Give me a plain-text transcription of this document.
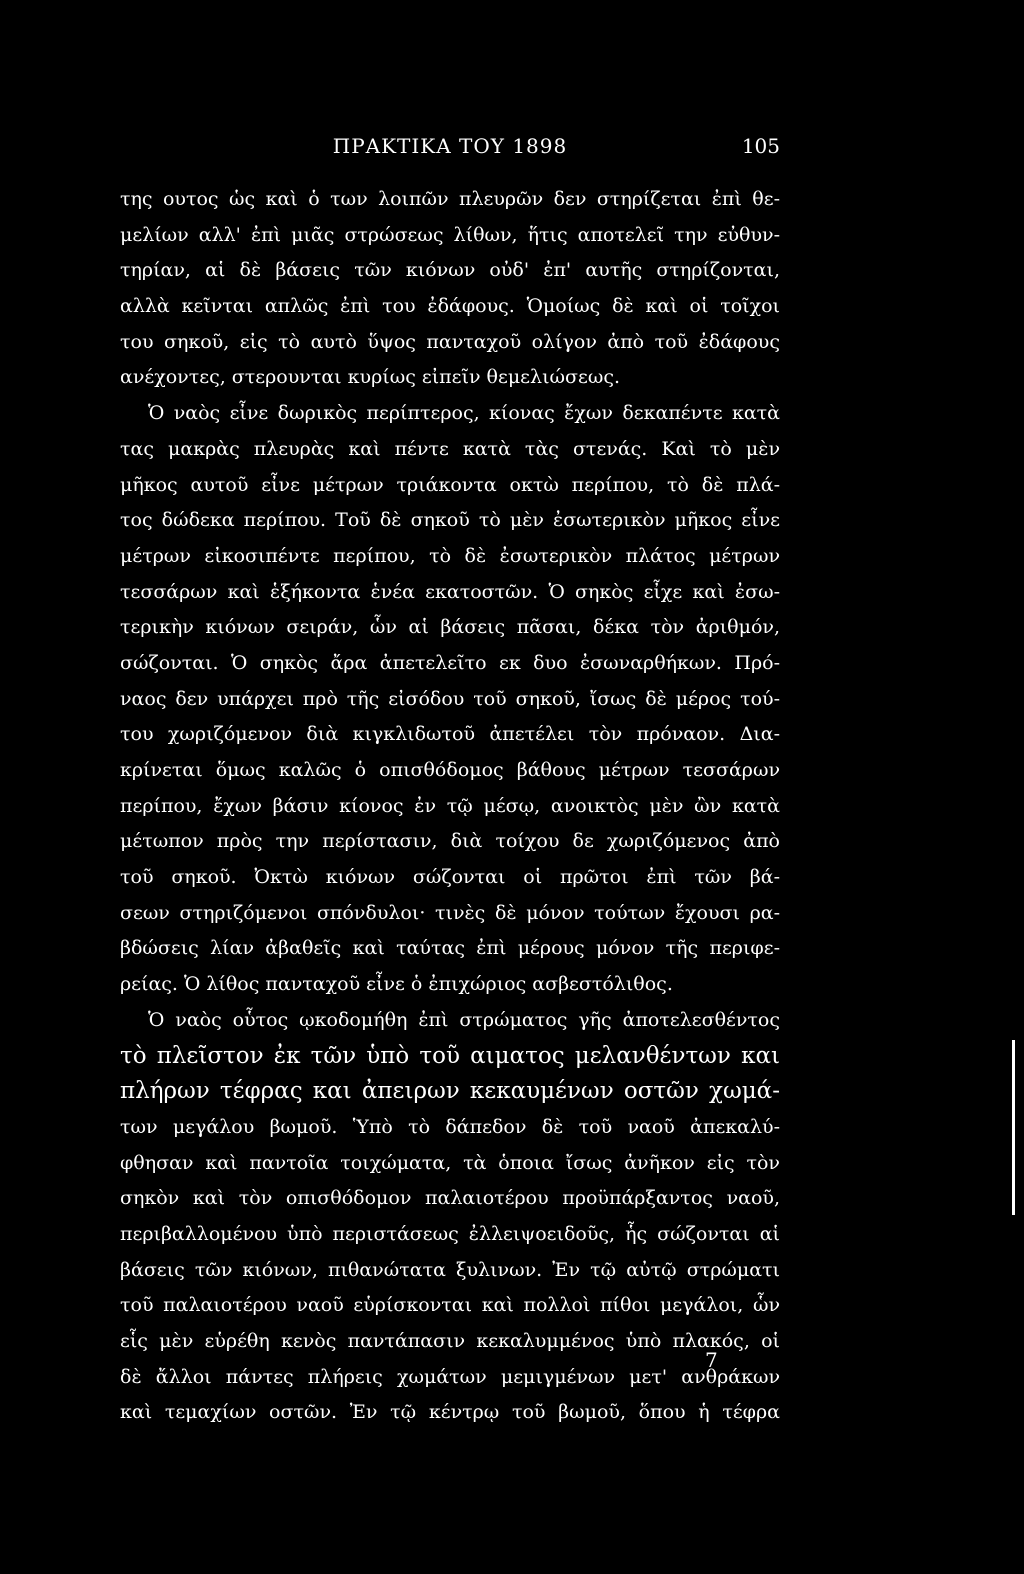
ΠΡΑΚΤΙΚΑ ΤΟΥ 1898	105
της ουτος ὡς καὶ ὁ των λοιπῶν πλευρῶν δεν στηρίζεται ἐπὶ θε-
μελίων αλλ' ἐπὶ μιᾶς στρώσεως λίθων, ἥτις αποτελεῖ την εὐθυν-
τηρίαν, αἱ δὲ βάσεις τῶν κιόνων οὐδ' ἐπ' αυτῆς στηρίζονται,
αλλὰ κεῖνται απλῶς ἐπὶ του ἐδάφους. Ὁμοίως δὲ καὶ οἱ τοῖχοι
του σηκοῦ, εἰς τὸ αυτὸ ὕψος πανταχοῦ ολίγον ἀπὸ τοῦ ἐδάφους
ανέχοντες, στερουνται κυρίως εἰπεῖν θεμελιώσεως.
Ὁ ναὸς εἶνε δωρικὸς περίπτερος, κίονας ἔχων δεκαπέντε κατὰ
τας μακρὰς πλευρὰς καὶ πέντε κατὰ τὰς στενάς. Καὶ τὸ μὲν
μῆκος αυτοῦ εἶνε μέτρων τριάκοντα οκτὼ περίπου, τὸ δὲ πλά-
τος δώδεκα περίπου. Τοῦ δὲ σηκοῦ τὸ μὲν ἐσωτερικὸν μῆκος εἶνε
μέτρων εἰκοσιπέντε περίπου, τὸ δὲ ἐσωτερικὸν πλάτος μέτρων
τεσσάρων καὶ ἑξήκοντα ἑνέα εκατοστῶν. Ὁ σηκὸς εἶχε καὶ ἐσω-
τερικὴν κιόνων σειράν, ὧν αἱ βάσεις πᾶσαι, δέκα τὸν ἀριθμόν,
σώζονται. Ὁ σηκὸς ἄρα ἀπετελεῖτο εκ δυο ἐσωναρθήκων. Πρό-
ναος δεν υπάρχει πρὸ τῆς εἰσόδου τοῦ σηκοῦ, ἴσως δὲ μέρος τού-
του χωριζόμενον διὰ κιγκλιδωτοῦ ἀπετέλει τὸν πρόναον. Δια-
κρίνεται ὅμως καλῶς ὁ οπισθόδομος βάθους μέτρων τεσσάρων
περίπου, ἔχων βάσιν κίονος ἐν τῷ μέσῳ, ανοικτὸς μὲν ὢν κατὰ
μέτωπον πρὸς την περίστασιν, διὰ τοίχου δε χωριζόμενος ἀπὸ
τοῦ σηκοῦ. Ὀκτὼ κιόνων σώζονται οἱ πρῶτοι ἐπὶ τῶν βά-
σεων στηριζόμενοι σπόνδυλοι· τινὲς δὲ μόνον τούτων ἔχουσι ρα-
βδώσεις λίαν ἀβαθεῖς καὶ ταύτας ἐπὶ μέρους μόνον τῆς περιφε-
ρείας. Ὁ λίθος πανταχοῦ εἶνε ὁ ἐπιχώριος ασβεστόλιθος.
Ὁ ναὸς οὗτος ῳκοδομήθη ἐπὶ στρώματος γῆς ἀποτελεσθέντος
τὸ πλεῖστον ἐκ τῶν ὑπὸ τοῦ αιματος μελανθέντων και
πλήρων τέφρας και ἀπειρων κεκαυμένων οστῶν χωμά-
των μεγάλου βωμοῦ. Ὑπὸ τὸ δάπεδον δὲ τοῦ ναοῦ ἀπεκαλύ-
φθησαν καὶ παντοῖα τοιχώματα, τὰ ὁποια ἴσως ἀνῆκον εἰς τὸν
σηκὸν καὶ τὸν οπισθόδομον παλαιοτέρου προϋπάρξαντος ναοῦ,
περιβαλλομένου ὑπὸ περιστάσεως ἐλλειψοειδοῦς, ἧς σώζονται αἱ
βάσεις τῶν κιόνων, πιθανώτατα ξυλινων. Ἐν τῷ αὐτῷ στρώματι
τοῦ παλαιοτέρου ναοῦ εὑρίσκονται καὶ πολλοὶ πίθοι μεγάλοι, ὧν
εἷς μὲν εὑρέθη κενὸς παντάπασιν κεκαλυμμένος ὑπὸ πλακός, οἱ
δὲ ἄλλοι πάντες πλήρεις χωμάτων μεμιγμένων μετ' ανθράκων
καὶ τεμαχίων οστῶν. Ἐν τῷ κέντρῳ τοῦ βωμοῦ, ὅπου ἡ τέφρα
7
